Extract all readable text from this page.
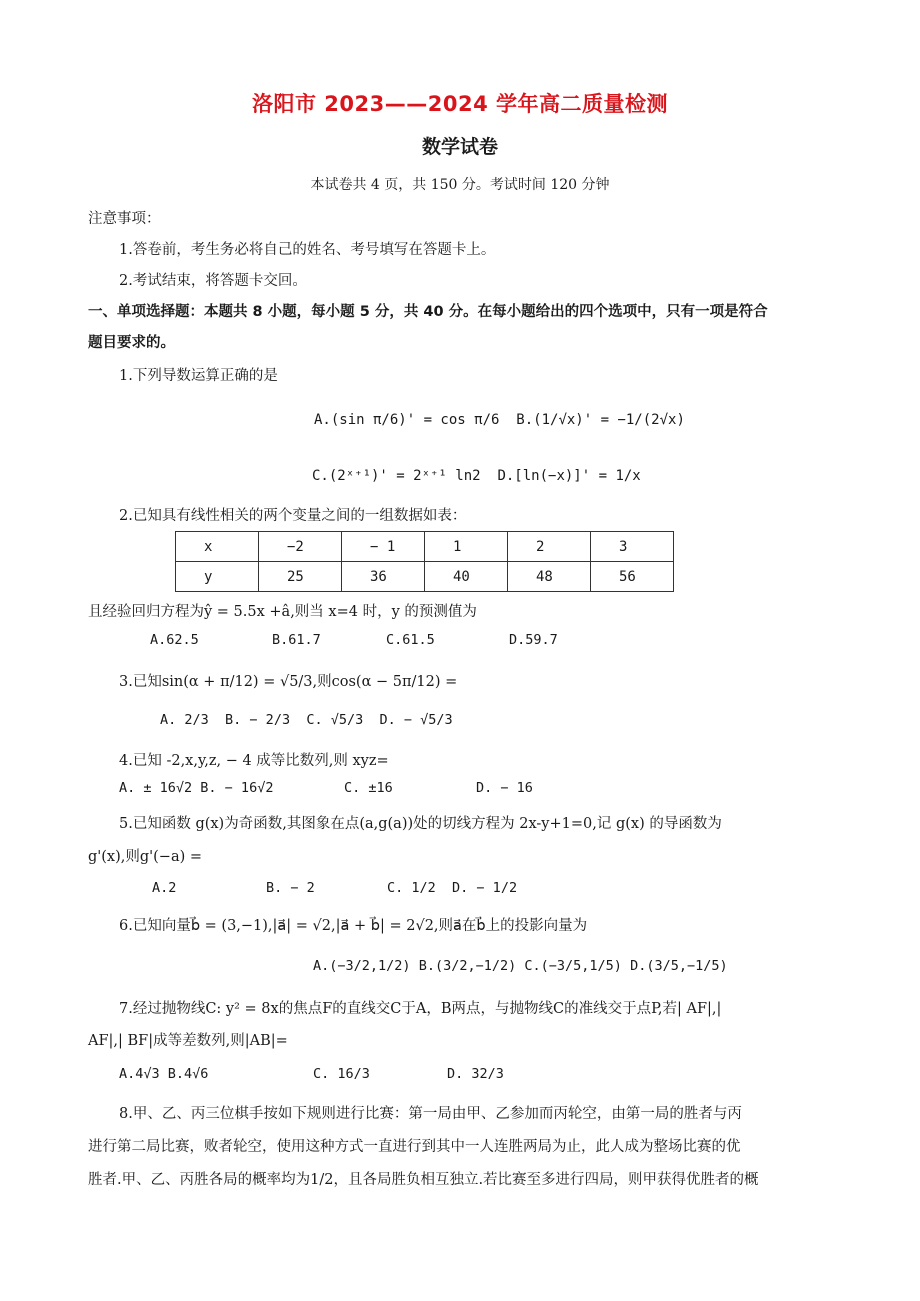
洛阳市 2023——2024 学年高二质量检测
数学试卷
本试卷共 4 页，共 150 分。考试时间 120 分钟
注意事项：
1.答卷前，考生务必将自己的姓名、考号填写在答题卡上。
2.考试结束，将答题卡交回。
一、单项选择题：本题共 8 小题，每小题 5 分，共 40 分。在每小题给出的四个选项中，只有一项是符合
题目要求的。
1.下列导数运算正确的是
A.(sin π/6)' = cos π/6 B.(1/√x)' = −1/(2√x)
C.(2ˣ⁺¹)' = 2ˣ⁺¹ ln2 D.[ln(−x)]' = 1/x
2.已知具有线性相关的两个变量之间的一组数据如表：
x	−2	− 1	1	2	3
y	25	36	40	48	56
且经验回归方程为ŷ = 5.5x +â,则当 x=4 时，y 的预测值为
A.62.5	B.61.7	C.61.5	D.59.7
3.已知sin(α + π/12) = √5/3,则cos(α − 5π/12) =
A. 2/3 B. − 2/3 C. √5/3 D. − √5/3
4.已知 -2,x,y,z, − 4 成等比数列,则 xyz=
A. ± 16√2 B. − 16√2	C. ±16	D. − 16
5.已知函数 g(x)为奇函数,其图象在点(a,g(a))处的切线方程为 2x-y+1=0,记 g(x) 的导函数为
g'(x),则g'(−a) =
A.2	B. − 2	C. 1/2 D. − 1/2
6.已知向量b⃗ = (3,−1),|a⃗| = √2,|a⃗ + b⃗| = 2√2,则a⃗在b⃗上的投影向量为
A.(−3/2,1/2) B.(3/2,−1/2) C.(−3/5,1/5) D.(3/5,−1/5)
7.经过抛物线C: y² = 8x的焦点F的直线交C于A，B两点，与抛物线C的准线交于点P,若| AF|,|
AF|,| BF|成等差数列,则|AB|=
A.4√3 B.4√6	C. 16/3	D. 32/3
8.甲、乙、丙三位棋手按如下规则进行比赛：第一局由甲、乙参加而丙轮空，由第一局的胜者与丙
进行第二局比赛，败者轮空，使用这种方式一直进行到其中一人连胜两局为止，此人成为整场比赛的优
胜者.甲、乙、丙胜各局的概率均为1/2，且各局胜负相互独立.若比赛至多进行四局，则甲获得优胜者的概
